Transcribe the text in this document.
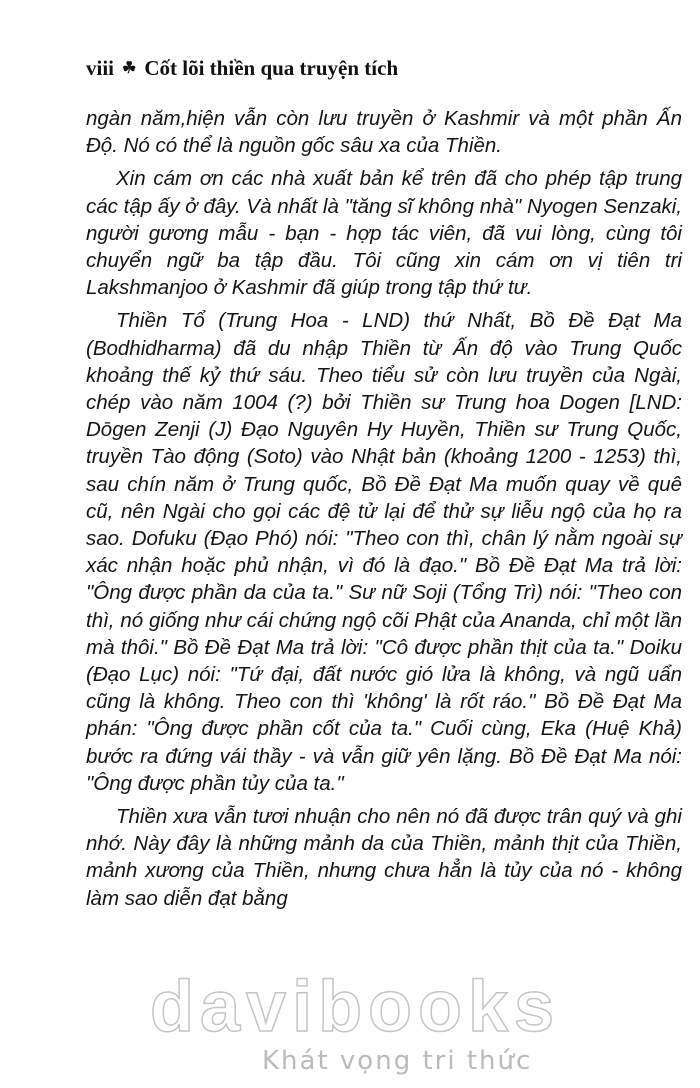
viii ☘ Cốt lõi thiền qua truyện tích

ngàn năm,hiện vẫn còn lưu truyền ở Kashmir và một phần Ấn Độ. Nó có thể là nguồn gốc sâu xa của Thiền.

Xin cám ơn các nhà xuất bản kể trên đã cho phép tập trung các tập ấy ở đây. Và nhất là "tăng sĩ không nhà" Nyogen Senzaki, người gương mẫu - bạn - hợp tác viên, đã vui lòng, cùng tôi chuyển ngữ ba tập đầu. Tôi cũng xin cám ơn vị tiên tri Lakshmanjoo ở Kashmir đã giúp trong tập thứ tư.

Thiền Tổ (Trung Hoa - LND) thứ Nhất, Bồ Đề Đạt Ma (Bodhidharma) đã du nhập Thiền từ Ấn độ vào Trung Quốc khoảng thế kỷ thứ sáu. Theo tiểu sử còn lưu truyền của Ngài, chép vào năm 1004 (?) bởi Thiền sư Trung hoa Dogen [LND: Dōgen Zenji (J) Đạo Nguyên Hy Huyền, Thiền sư Trung Quốc, truyền Tào động (Soto) vào Nhật bản (khoảng 1200 - 1253) thì, sau chín năm ở Trung quốc, Bồ Đề Đạt Ma muốn quay về quê cũ, nên Ngài cho gọi các đệ tử lại để thử sự liễu ngộ của họ ra sao. Dofuku (Đạo Phó) nói: "Theo con thì, chân lý nằm ngoài sự xác nhận hoặc phủ nhận, vì đó là đạo." Bồ Đề Đạt Ma trả lời: "Ông được phần da của ta." Sư nữ Soji (Tổng Trì) nói: "Theo con thì, nó giống như cái chứng ngộ cõi Phật của Ananda, chỉ một lần mà thôi." Bồ Đề Đạt Ma trả lời: "Cô được phần thịt của ta." Doiku (Đạo Lục) nói: "Tứ đại, đất nước gió lửa là không, và ngũ uẩn cũng là không. Theo con thì 'không' là rốt ráo." Bồ Đề Đạt Ma phán: "Ông được phần cốt của ta." Cuối cùng, Eka (Huệ Khả) bước ra đứng vái thầy - và vẫn giữ yên lặng. Bồ Đề Đạt Ma nói: "Ông được phần tủy của ta."

Thiền xưa vẫn tươi nhuận cho nên nó đã được trân quý và ghi nhớ. Này đây là những mảnh da của Thiền, mảnh thịt của Thiền, mảnh xương của Thiền, nhưng chưa hẳn là tủy của nó - không làm sao diễn đạt bằng

davibooks
Khát vọng tri thức
